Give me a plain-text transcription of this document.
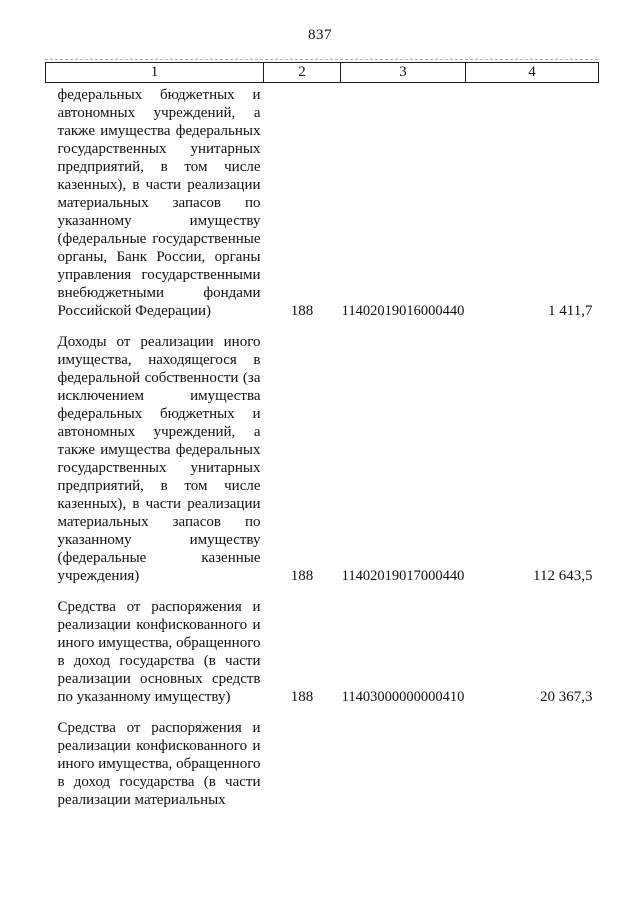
837
1	2	3	4
федеральных бюджетных и автономных учреждений, а также имущества федеральных государственных унитарных предприятий, в том числе казенных), в части реализации материальных запасов по указанному имуществу (федеральные государственные органы, Банк России, органы управления государственными внебюджетными фондами Российской Федерации)	188	11402019016000440	1 411,7
Доходы от реализации иного имущества, находящегося в федеральной собственности (за исключением имущества федеральных бюджетных и автономных учреждений, а также имущества федеральных государственных унитарных предприятий, в том числе казенных), в части реализации материальных запасов по указанному имуществу (федеральные казенные учреждения)	188	11402019017000440	112 643,5
Средства от распоряжения и реализации конфискованного и иного имущества, обращенного в доход государства (в части реализации основных средств по указанному имуществу)	188	11403000000000410	20 367,3
Средства от распоряжения и реализации конфискованного и иного имущества, обращенного в доход государства (в части реализации материальных			
